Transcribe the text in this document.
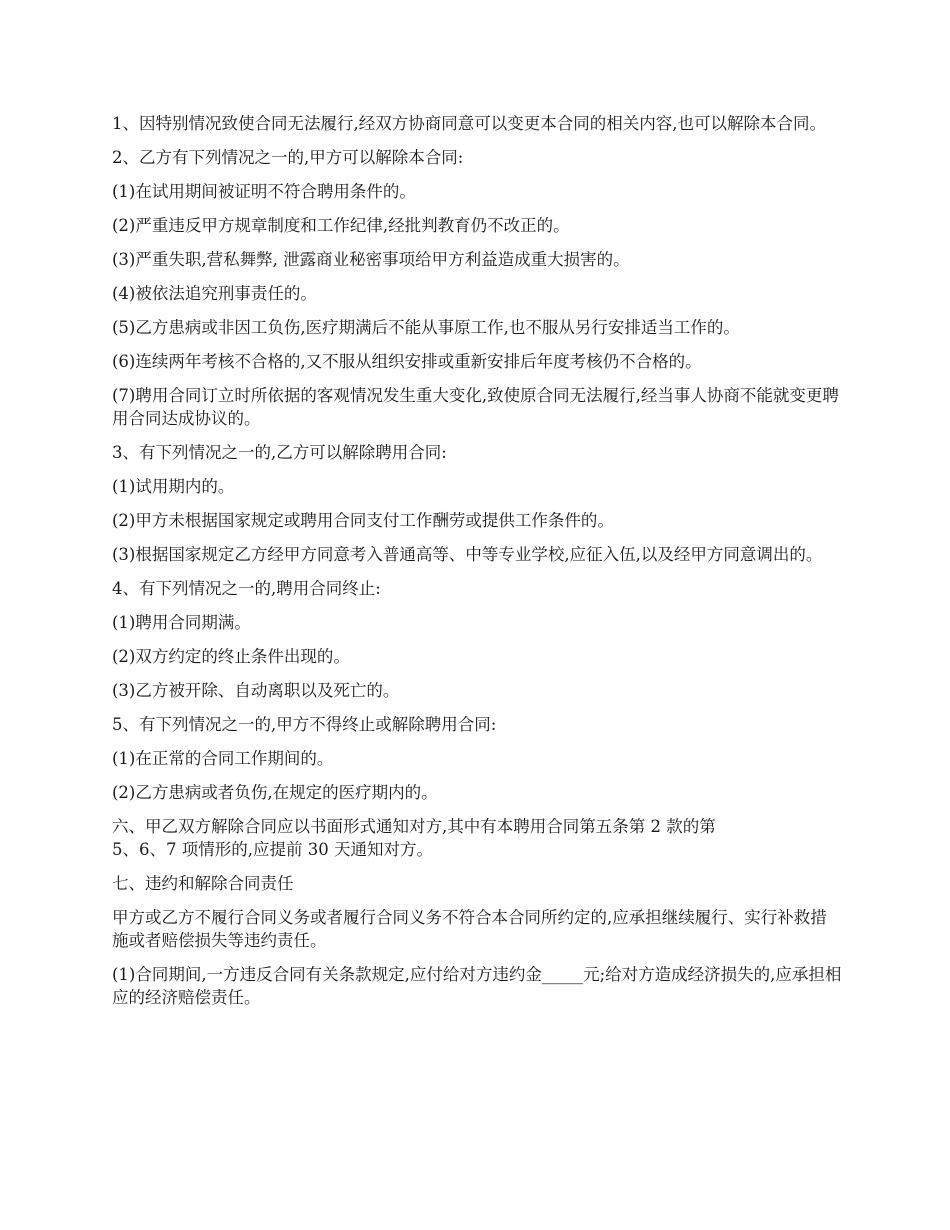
1、因特别情况致使合同无法履行,经双方协商同意可以变更本合同的相关内容,也可以解除本合同。

2、乙方有下列情况之一的,甲方可以解除本合同:

(1)在试用期间被证明不符合聘用条件的。

(2)严重违反甲方规章制度和工作纪律,经批判教育仍不改正的。

(3)严重失职,营私舞弊, 泄露商业秘密事项给甲方利益造成重大损害的。

(4)被依法追究刑事责任的。

(5)乙方患病或非因工负伤,医疗期满后不能从事原工作,也不服从另行安排适当工作的。

(6)连续两年考核不合格的,又不服从组织安排或重新安排后年度考核仍不合格的。

(7)聘用合同订立时所依据的客观情况发生重大变化,致使原合同无法履行,经当事人协商不能就变更聘用合同达成协议的。

3、有下列情况之一的,乙方可以解除聘用合同:

(1)试用期内的。

(2)甲方未根据国家规定或聘用合同支付工作酬劳或提供工作条件的。

(3)根据国家规定乙方经甲方同意考入普通高等、中等专业学校,应征入伍,以及经甲方同意调出的。

4、有下列情况之一的,聘用合同终止:

(1)聘用合同期满。

(2)双方约定的终止条件出现的。

(3)乙方被开除、自动离职以及死亡的。

5、有下列情况之一的,甲方不得终止或解除聘用合同:

(1)在正常的合同工作期间的。

(2)乙方患病或者负伤,在规定的医疗期内的。

六、甲乙双方解除合同应以书面形式通知对方,其中有本聘用合同第五条第 2 款的第
5、6、7 项情形的,应提前 30 天通知对方。

七、违约和解除合同责任

甲方或乙方不履行合同义务或者履行合同义务不符合本合同所约定的,应承担继续履行、实行补救措施或者赔偿损失等违约责任。

(1)合同期间,一方违反合同有关条款规定,应付给对方违约金_____元;给对方造成经济损失的,应承担相应的经济赔偿责任。
